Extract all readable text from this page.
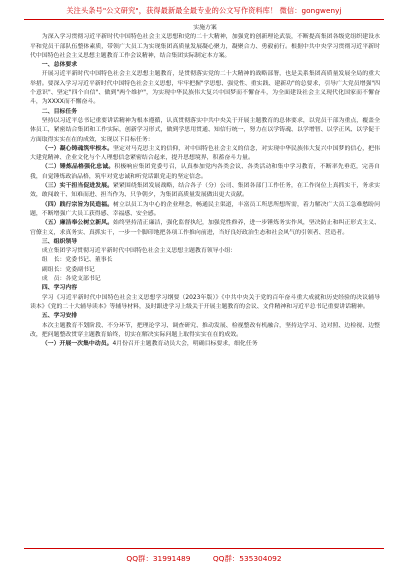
关注头条号"公文研究"，获得最新最全最专业的公文写作资料库！ 微信：gongwenyj

实施方案

为深入学习贯彻习近平新时代中国特色社会主义思想和党的二十大精神，加强党的创新理论武装，不断提高集团各级党组织建设水平和党员干部队伍整体素质，带领广大员工为实现集团高质量发展凝心聚力，凝聚合力、勇毅前行。根据中共中央学习贯彻习近平新时代中国特色社会主义思想主题教育工作会议精神，结合集团实际制定本方案。

一、总体要求

开展习近平新时代中国特色社会主义思想主题教育，是贯彻落实党的二十大精神的战略部署，也是关系集团高质量发展全局的重大举措。要深入学习习近平新时代中国特色社会主义思想，牢牢把握"学思想、强党性、重实践、建新功"的总要求，引导广大党员增强"四个意识"、坚定"四个自信"、做到"两个维护"，为实现中华民族伟大复兴中国梦而不懈奋斗，为全面建设社会主义现代化国家而不懈奋斗，为XXXX而不懈奋斗。

二、目标任务

坚持以习近平总书记重要讲话精神为根本遵循，认真贯彻落实中共中央关于开展主题教育的总体要求，以党员干部为重点，覆盖全体员工，紧密结合集团和工作实际，创新学习形式，做到学思用贯通、知信行统一，努力在以学铸魂、以学增智、以学正风、以学促干方面取得实实在在的成效，实现以下目标任务：

（一）凝心铸魂筑牢根本。坚定对马克思主义的信仰，对中国特色社会主义的信念，对实现中华民族伟大复兴中国梦的信心，把伟大建党精神、企业文化与个人理想信念紧密结合起来，提升思想境界，积蓄奋斗力量。

（二）锤炼品格强化忠诚。积极响应集团党委号召，认真参加党内各类会议、各类活动和集中学习教育，不断率先垂范，完善自我，自觉锤炼政治品格，筑牢对党忠诚和听党话跟党走的坚定信念。

（三）实干担当促进发展。紧紧围绕集团发展战略，结合各子（分）公司、集团各部门工作任务，在工作岗位上真抓实干，务求实效，敢闯敢干、知难而进、担当作为、只争朝夕，为集团高质量发展做出更大贡献。

（四）践行宗旨为民造福。树立以员工为中心的企业理念，畅通民主渠道，丰富员工所思所想所需，着力解决广大员工急难愁盼问题，不断增强广大员工获得感、幸福感、安全感。

（五）廉洁奉公树立新风。始终坚持清正廉洁，强化监督执纪，加强党性修养，进一步锤炼务实作风，坚决防止和纠正形式主义、官僚主义，求真务实、真抓实干，一步一个脚印地把各项工作推向前进，当好良好政治生态和社会风气的引领者、营造者。

三、组织领导

成立集团学习贯彻习近平新时代中国特色社会主义思想主题教育领导小组：

组　长：党委书记、董事长

副组长：党委副书记

成　员：各党支部书记

四、学习内容

学习《习近平新时代中国特色社会主义思想学习纲要（2023年版）》《中共中央关于党的百年奋斗重大成就和历史经验的决议辅导读本》《党的二十大辅导读本》等辅导材料，及时跟进学习上级关于开展主题教育的会议、文件精神和习近平总书记重要讲话精神。

五、学习安排

本次主题教育不划阶段、不分环节，把理论学习、调查研究、推动发展、检视整改有机融合，坚持边学习、边对照、边检视、边整改，把问题整改贯穿主题教育始终，切实在解决实际问题上取得实实在在的成效。

（一）开展一次集中动员。4月份召开主题教育动员大会，明确目标要求，细化任务

QQ群：31991489	QQ群：535304092
